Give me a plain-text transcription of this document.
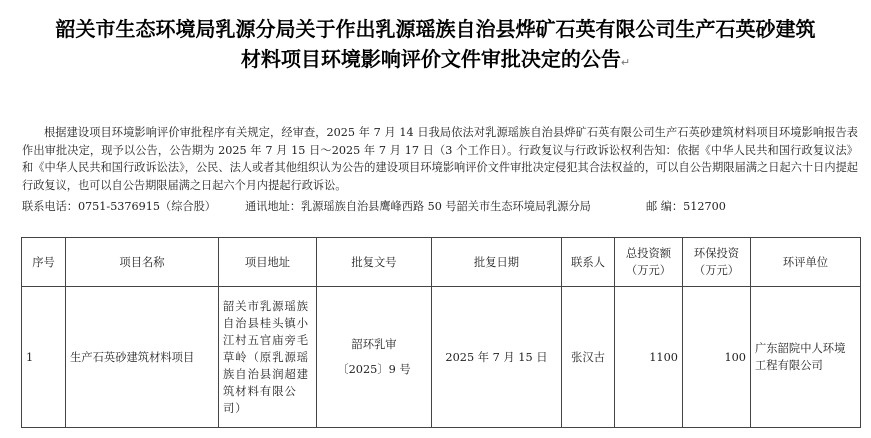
韶关市生态环境局乳源分局关于作出乳源瑶族自治县烨矿石英有限公司生产石英砂建筑
材料项目环境影响评价文件审批决定的公告↵

根据建设项目环境影响评价审批程序有关规定，经审查，2025 年 7 月 14 日我局依法对乳源瑶族自治县烨矿石英有限公司生产石英砂建筑材料项目环境影响报告表作出审批决定，现予以公告，公告期为 2025 年 7 月 15 日～2025 年 7 月 17 日（3 个工作日）。行政复议与行政诉讼权利告知：依据《中华人民共和国行政复议法》和《中华人民共和国行政诉讼法》，公民、法人或者其他组织认为公告的建设项目环境影响评价文件审批决定侵犯其合法权益的，可以自公告期限届满之日起六十日内提起行政复议，也可以自公告期限届满之日起六个月内提起行政诉讼。

联系电话：0751-5376915（综合股）	通讯地址：乳源瑶族自治县鹰峰西路 50 号韶关市生态环境局乳源分局	邮 编：512700
序号	项目名称	项目地址	批复文号	批复日期	联系人	总投资额（万元）	环保投资（万元）	环评单位
1	生产石英砂建筑材料项目	韶关市乳源瑶族自治县桂头镇小江村五官庙旁毛草岭（原乳源瑶族自治县润超建筑材料有限公司）	韶环乳审
〔2025〕9 号	2025 年 7 月 15 日	张汉古	1100	100	广东韶院中人环境工程有限公司
